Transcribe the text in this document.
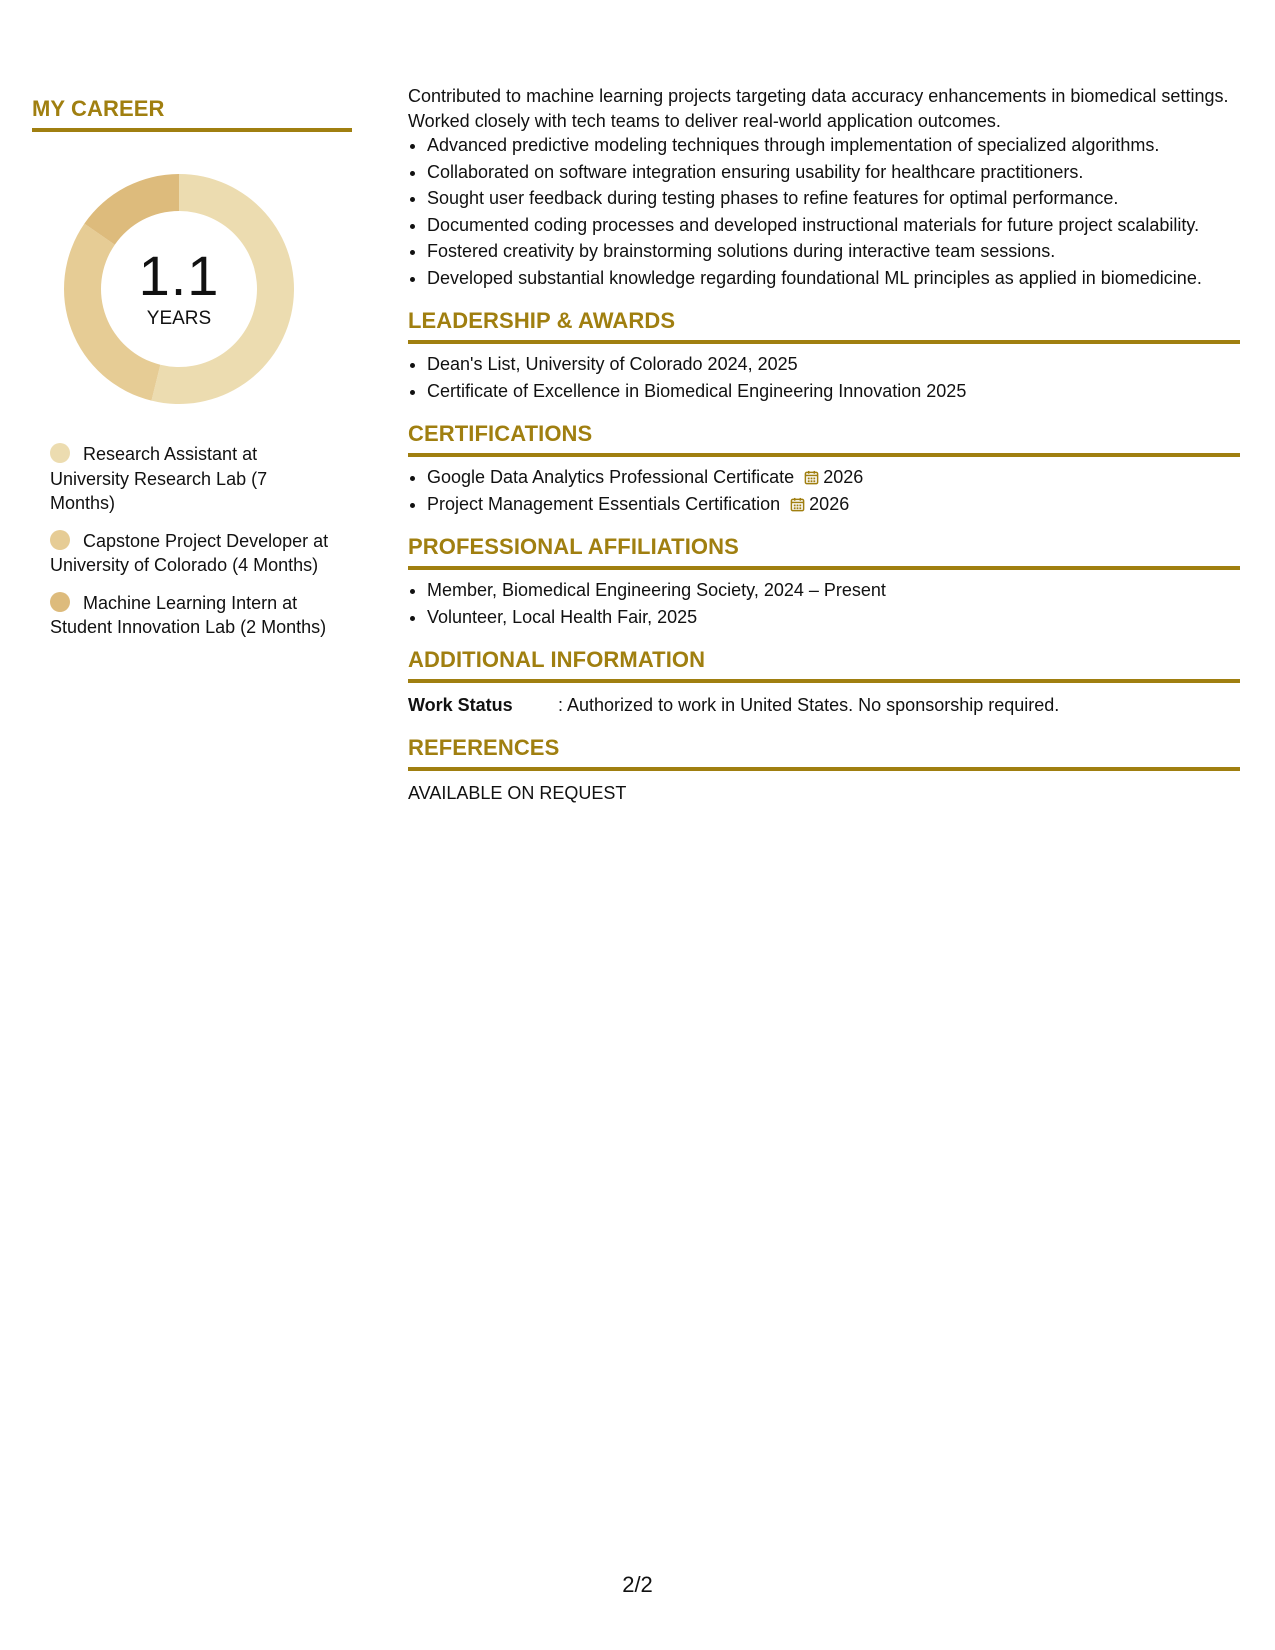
MY CAREER
1.1
YEARS
Research Assistant at University Research Lab (7 Months)
Capstone Project Developer at University of Colorado (4 Months)
Machine Learning Intern at Student Innovation Lab (2 Months)

Contributed to machine learning projects targeting data accuracy enhancements in biomedical settings. Worked closely with tech teams to deliver real-world application outcomes.

• Advanced predictive modeling techniques through implementation of specialized algorithms.
• Collaborated on software integration ensuring usability for healthcare practitioners.
• Sought user feedback during testing phases to refine features for optimal performance.
• Documented coding processes and developed instructional materials for future project scalability.
• Fostered creativity by brainstorming solutions during interactive team sessions.
• Developed substantial knowledge regarding foundational ML principles as applied in biomedicine.
LEADERSHIP & AWARDS
• Dean's List, University of Colorado 2024, 2025
• Certificate of Excellence in Biomedical Engineering Innovation 2025
CERTIFICATIONS
• Google Data Analytics Professional Certificate 2026
• Project Management Essentials Certification 2026
PROFESSIONAL AFFILIATIONS
• Member, Biomedical Engineering Society, 2024 – Present
• Volunteer, Local Health Fair, 2025
ADDITIONAL INFORMATION
Work Status	: Authorized to work in United States. No sponsorship required.
REFERENCES
AVAILABLE ON REQUEST
2/2
